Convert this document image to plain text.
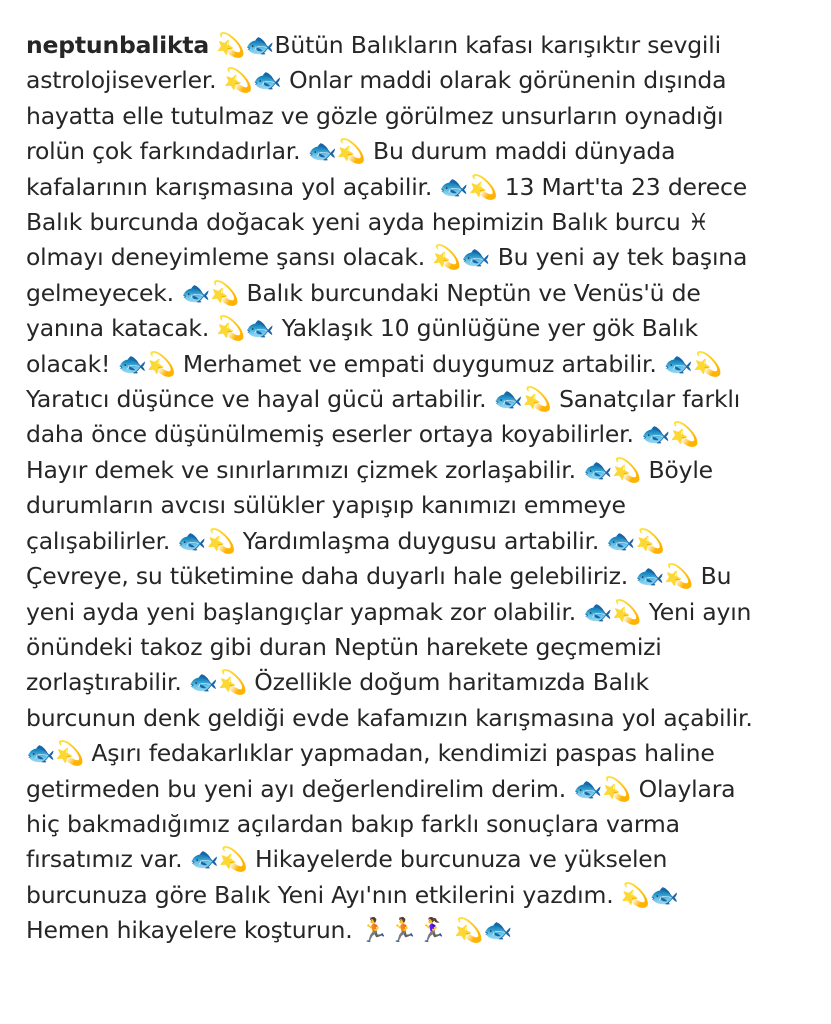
neptunbalikta 💫🐟Bütün Balıkların kafası karışıktır sevgili
astrolojiseverler. 💫🐟 Onlar maddi olarak görünenin dışında
hayatta elle tutulmaz ve gözle görülmez unsurların oynadığı
rolün çok farkındadırlar. 🐟💫 Bu durum maddi dünyada
kafalarının karışmasına yol açabilir. 🐟💫 13 Mart'ta 23 derece
Balık burcunda doğacak yeni ayda hepimizin Balık burcu ♓
olmayı deneyimleme şansı olacak. 💫🐟 Bu yeni ay tek başına
gelmeyecek. 🐟💫 Balık burcundaki Neptün ve Venüs'ü de
yanına katacak. 💫🐟 Yaklaşık 10 günlüğüne yer gök Balık
olacak! 🐟💫 Merhamet ve empati duygumuz artabilir. 🐟💫
Yaratıcı düşünce ve hayal gücü artabilir. 🐟💫 Sanatçılar farklı
daha önce düşünülmemiş eserler ortaya koyabilirler. 🐟💫
Hayır demek ve sınırlarımızı çizmek zorlaşabilir. 🐟💫 Böyle
durumların avcısı sülükler yapışıp kanımızı emmeye
çalışabilirler. 🐟💫 Yardımlaşma duygusu artabilir. 🐟💫
Çevreye, su tüketimine daha duyarlı hale gelebiliriz. 🐟💫 Bu
yeni ayda yeni başlangıçlar yapmak zor olabilir. 🐟💫 Yeni ayın
önündeki takoz gibi duran Neptün harekete geçmemizi
zorlaştırabilir. 🐟💫 Özellikle doğum haritamızda Balık
burcunun denk geldiği evde kafamızın karışmasına yol açabilir.
🐟💫 Aşırı fedakarlıklar yapmadan, kendimizi paspas haline
getirmeden bu yeni ayı değerlendirelim derim. 🐟💫 Olaylara
hiç bakmadığımız açılardan bakıp farklı sonuçlara varma
fırsatımız var. 🐟💫 Hikayelerde burcunuza ve yükselen
burcunuza göre Balık Yeni Ayı'nın etkilerini yazdım. 💫🐟
Hemen hikayelere koşturun. 🏃🏃🏃‍♀️ 💫🐟
